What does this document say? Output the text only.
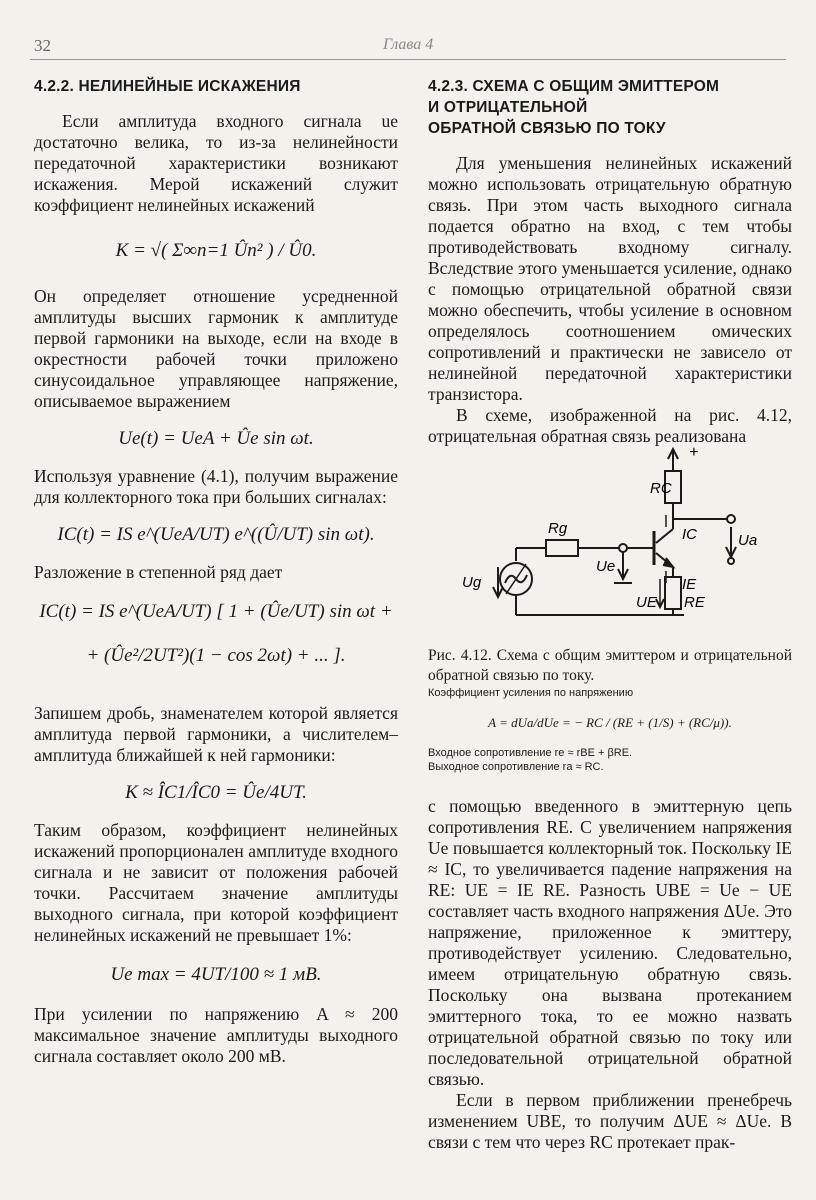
32	Глава 4
4.2.2. НЕЛИНЕЙНЫЕ ИСКАЖЕНИЯ

Если амплитуда входного сигнала uе достаточно велика, то из-за нелинейности передаточной характеристики возникают искажения. Мерой искажений служит коэффициент нелинейных искажений

K = √( Σ∞n=1 Ûn² ) / Û0.

Он определяет отношение усредненной амплитуды высших гармоник к амплитуде первой гармоники на выходе, если на входе в окрестности рабочей точки приложено синусоидальное управляющее напряжение, описываемое выражением

Ue(t) = UeA + Ûe sin ωt.

Используя уравнение (4.1), получим выражение для коллекторного тока при больших сигналах:

IC(t) = IS e^(UeA/UT) e^((Û/UT) sin ωt).

Разложение в степенной ряд дает

IC(t) = IS e^(UeA/UT) [ 1 + (Ûe/UT) sin ωt +
+ (Ûe²/2UT²)(1 − cos 2ωt) + ... ].

Запишем дробь, знаменателем которой является амплитуда первой гармоники, а числителем–амплитуда ближайшей к ней гармоники:

K ≈ ÎC1/ÎC0 = Ûe/4UT.

Таким образом, коэффициент нелинейных искажений пропорционален амплитуде входного сигнала и не зависит от положения рабочей точки. Рассчитаем значение амплитуды выходного сигнала, при которой коэффициент нелинейных искажений не превышает 1%:

Ue max = 4UT/100 ≈ 1 мВ.

При усилении по напряжению A ≈ 200 максимальное значение амплитуды выходного сигнала составляет около 200 мВ.

4.2.3. СХЕМА С ОБЩИМ ЭМИТТЕРОМ
И ОТРИЦАТЕЛЬНОЙ
ОБРАТНОЙ СВЯЗЬЮ ПО ТОКУ

Для уменьшения нелинейных искажений можно использовать отрицательную обратную связь. При этом часть выходного сигнала подается обратно на вход, с тем чтобы противодействовать входному сигналу. Вследствие этого уменьшается усиление, однако с помощью отрицательной обратной связи можно обеспечить, чтобы усиление в основном определялось соотношением омических сопротивлений и практически не зависело от нелинейной передаточной характеристики транзистора.

В схеме, изображенной на рис. 4.12, отрицательная обратная связь реализована

+
RC
IC	Ua
Rg
Ue
Ug	IE
UE RE
Рис. 4.12. Схема с общим эмиттером и отрицательной обратной связью по току.
Коэффициент усиления по напряжению
A = dUa/dUe = − RC / (RE + (1/S) + (RC/μ)).
Входное сопротивление re ≈ rBE + βRE.
Выходное сопротивление ra ≈ RC.

с помощью введенного в эмиттерную цепь сопротивления RE. С увеличением напряжения Ue повышается коллекторный ток. Поскольку IE ≈ IC, то увеличивается падение напряжения на RE: UE = IE RE. Разность UBE = Ue − UE составляет часть входного напряжения ΔUe. Это напряжение, приложенное к эмиттеру, противодействует усилению. Следовательно, имеем отрицательную обратную связь. Поскольку она вызвана протеканием эмиттерного тока, то ее можно назвать отрицательной обратной связью по току или последовательной отрицательной обратной связью.

Если в первом приближении пренебречь изменением UBE, то получим ΔUE ≈ ΔUe. В связи с тем что через RC протекает прак-
